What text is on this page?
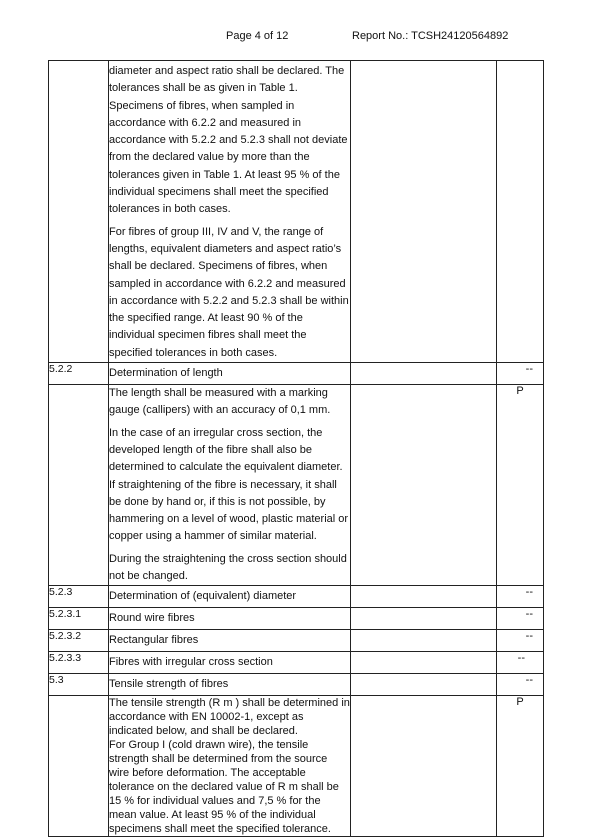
Page 4 of 12	Report No.: TCSH24120564892

	diameter and aspect ratio shall be declared. The tolerances shall be as given in Table 1. Specimens of fibres, when sampled in accordance with 6.2.2 and measured in accordance with 5.2.2 and 5.2.3 shall not deviate from the declared value by more than the tolerances given in Table 1. At least 95 % of the individual specimens shall meet the specified tolerances in both cases.
For fibres of group III, IV and V, the range of lengths, equivalent diameters and aspect ratio’s shall be declared. Specimens of fibres, when sampled in accordance with 6.2.2 and measured in accordance with 5.2.2 and 5.2.3 shall be within the specified range. At least 90 % of the individual specimen fibres shall meet the specified tolerances in both cases.		

5.2.2	Determination of length		--

	The length shall be measured with a marking gauge (callipers) with an accuracy of 0,1 mm.
In the case of an irregular cross section, the developed length of the fibre shall also be determined to calculate the equivalent diameter. If straightening of the fibre is necessary, it shall be done by hand or, if this is not possible, by hammering on a level of wood, plastic material or copper using a hammer of similar material.
During the straightening the cross section should not be changed.		P
5.2.3	Determination of (equivalent) diameter		--
5.2.3.1	Round wire fibres		--
5.2.3.2	Rectangular fibres		--
5.2.3.3	Fibres with irregular cross section		--
5.3	Tensile strength of fibres		--

	The tensile strength (R m ) shall be determined in accordance with EN 10002-1, except as indicated below, and shall be declared.
For Group I (cold drawn wire), the tensile strength shall be determined from the source wire before deformation. The acceptable tolerance on the declared value of R m shall be 15 % for individual values and 7,5 % for the mean value. At least 95 % of the individual specimens shall meet the specified tolerance.		P
